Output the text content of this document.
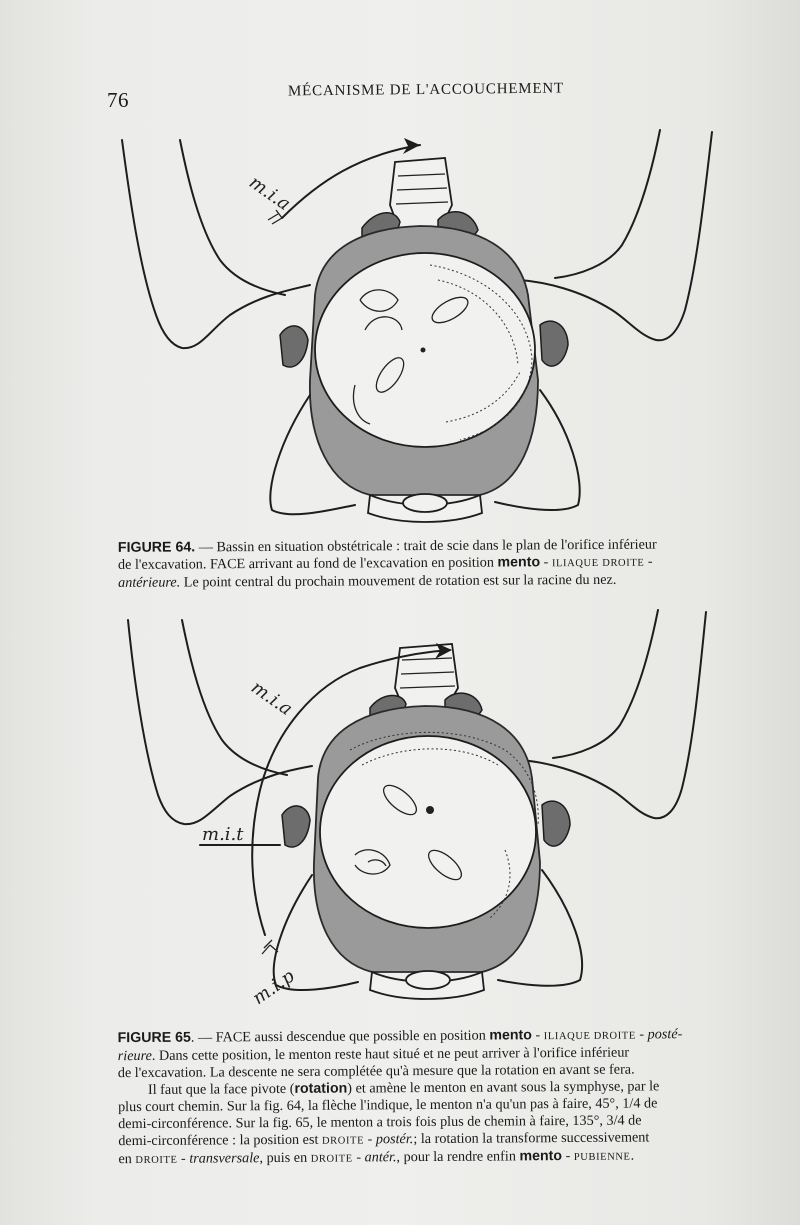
76	MÉCANISME DE L'ACCOUCHEMENT
m.i.a
FIGURE 64. — Bassin en situation obstétricale : trait de scie dans le plan de l'orifice inférieur
de l'excavation. FACE arrivant au fond de l'excavation en position mento - ILIAQUE DROITE -
antérieure. Le point central du prochain mouvement de rotation est sur la racine du nez.
m.i.a
m.i.t
m.i.p
FIGURE 65. — FACE aussi descendue que possible en position mento - ILIAQUE DROITE - posté-
rieure. Dans cette position, le menton reste haut situé et ne peut arriver à l'orifice inférieur
de l'excavation. La descente ne sera complétée qu'à mesure que la rotation en avant se fera.
Il faut que la face pivote (rotation) et amène le menton en avant sous la symphyse, par le
plus court chemin. Sur la fig. 64, la flèche l'indique, le menton n'a qu'un pas à faire, 45°, 1/4 de
demi-circonférence. Sur la fig. 65, le menton a trois fois plus de chemin à faire, 135°, 3/4 de
demi-circonférence : la position est DROITE - postér.; la rotation la transforme successivement
en DROITE - transversale, puis en DROITE - antér., pour la rendre enfin mento - PUBIENNE.
